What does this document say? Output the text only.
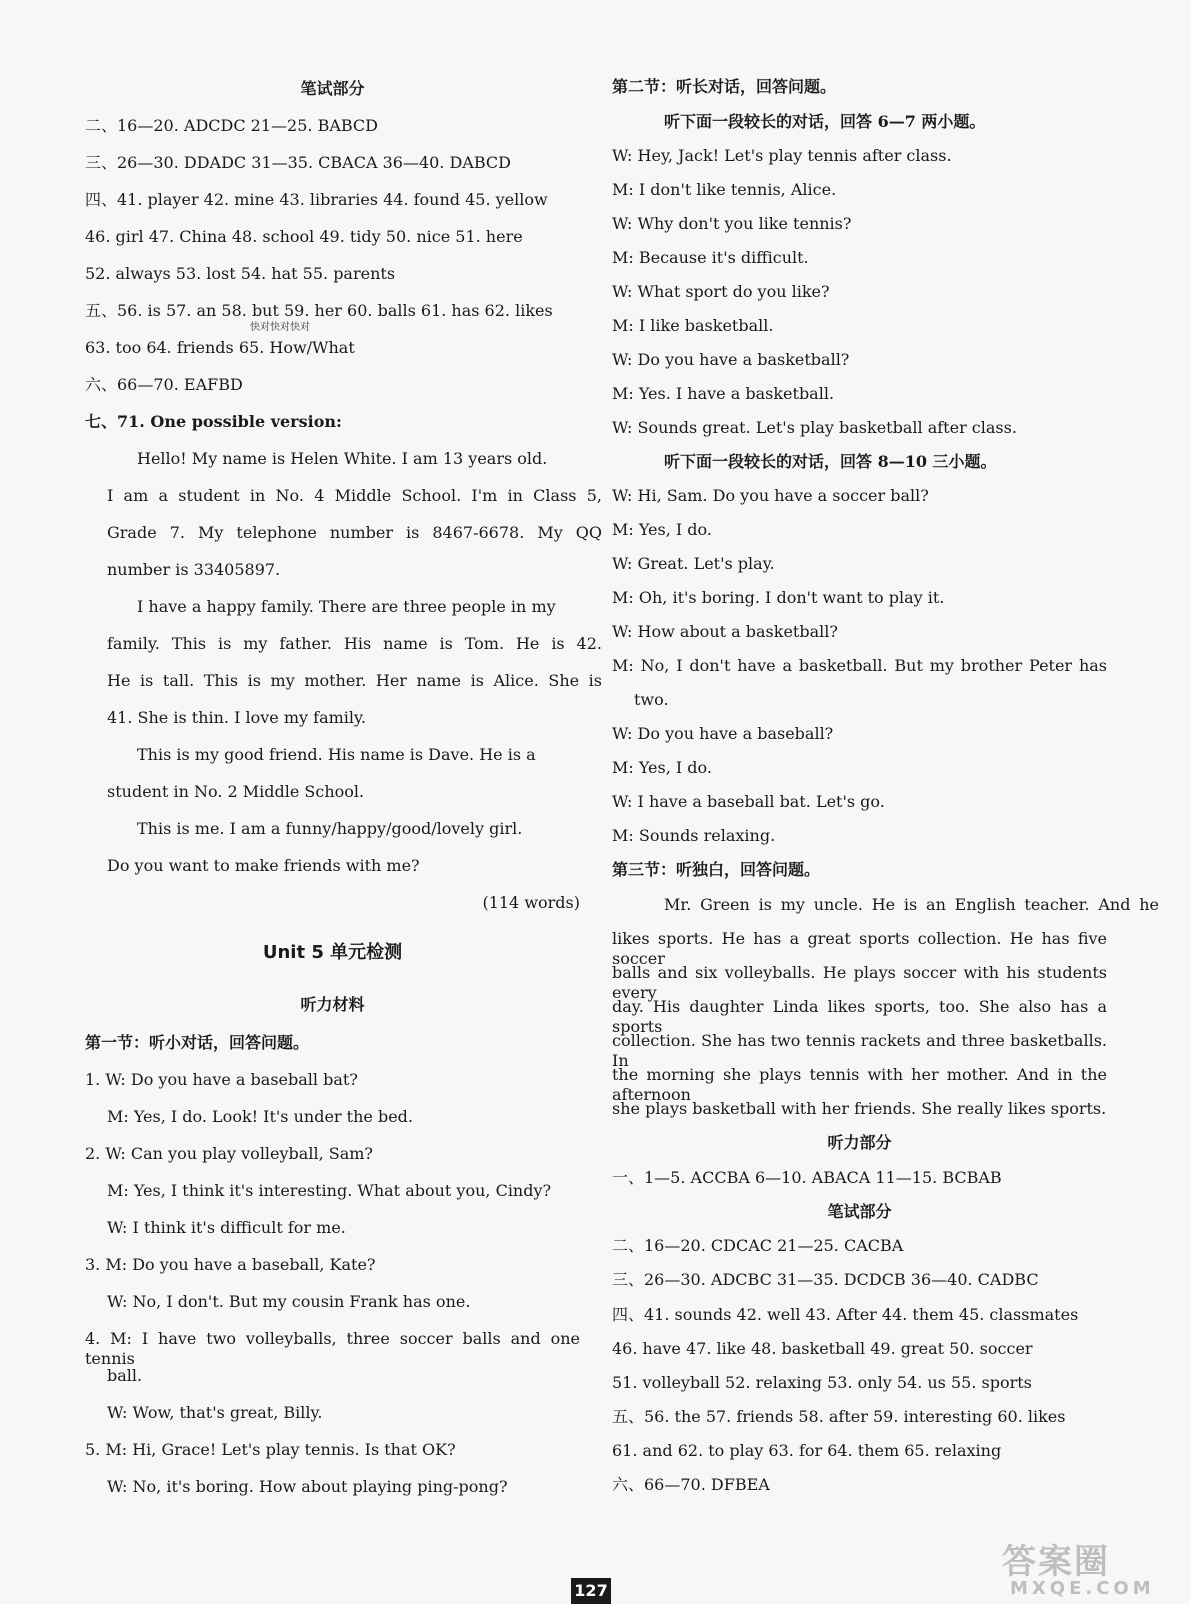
笔试部分
二、16—20. ADCDC 21—25. BABCD
三、26—30. DDADC 31—35. CBACA 36—40. DABCD
四、41. player 42. mine 43. libraries 44. found 45. yellow
46. girl 47. China 48. school 49. tidy 50. nice 51. here
52. always 53. lost 54. hat 55. parents
五、56. is 57. an 58. but 59. her 60. balls 61. has 62. likes
63. too 64. friends 65. How/What
六、66—70. EAFBD
七、71. One possible version:
Hello! My name is Helen White. I am 13 years old.
I am a student in No. 4 Middle School. I'm in Class 5,
Grade 7. My telephone number is 8467-6678. My QQ
number is 33405897.
I have a happy family. There are three people in my
family. This is my father. His name is Tom. He is 42.
He is tall. This is my mother. Her name is Alice. She is
41. She is thin. I love my family.
This is my good friend. His name is Dave. He is a
student in No. 2 Middle School.
This is me. I am a funny/happy/good/lovely girl.
Do you want to make friends with me?
(114 words)
Unit 5 单元检测
听力材料
第一节：听小对话，回答问题。
1. W: Do you have a baseball bat?
M: Yes, I do. Look! It's under the bed.
2. W: Can you play volleyball, Sam?
M: Yes, I think it's interesting. What about you, Cindy?
W: I think it's difficult for me.
3. M: Do you have a baseball, Kate?
W: No, I don't. But my cousin Frank has one.
4. M: I have two volleyballs, three soccer balls and one tennis
ball.
W: Wow, that's great, Billy.
5. M: Hi, Grace! Let's play tennis. Is that OK?
W: No, it's boring. How about playing ping-pong?
第二节：听长对话，回答问题。
听下面一段较长的对话，回答 6—7 两小题。
W: Hey, Jack! Let's play tennis after class.
M: I don't like tennis, Alice.
W: Why don't you like tennis?
M: Because it's difficult.
W: What sport do you like?
M: I like basketball.
W: Do you have a basketball?
M: Yes. I have a basketball.
W: Sounds great. Let's play basketball after class.
听下面一段较长的对话，回答 8—10 三小题。
W: Hi, Sam. Do you have a soccer ball?
M: Yes, I do.
W: Great. Let's play.
M: Oh, it's boring. I don't want to play it.
W: How about a basketball?
M: No, I don't have a basketball. But my brother Peter has
two.
W: Do you have a baseball?
M: Yes, I do.
W: I have a baseball bat. Let's go.
M: Sounds relaxing.
第三节：听独白，回答问题。
Mr. Green is my uncle. He is an English teacher. And he
likes sports. He has a great sports collection. He has five soccer
balls and six volleyballs. He plays soccer with his students every
day. His daughter Linda likes sports, too. She also has a sports
collection. She has two tennis rackets and three basketballs. In
the morning she plays tennis with her mother. And in the afternoon
she plays basketball with her friends. She really likes sports.
听力部分
一、1—5. ACCBA 6—10. ABACA 11—15. BCBAB
笔试部分
二、16—20. CDCAC 21—25. CACBA
三、26—30. ADCBC 31—35. DCDCB 36—40. CADBC
四、41. sounds 42. well 43. After 44. them 45. classmates
46. have 47. like 48. basketball 49. great 50. soccer
51. volleyball 52. relaxing 53. only 54. us 55. sports
五、56. the 57. friends 58. after 59. interesting 60. likes
61. and 62. to play 63. for 64. them 65. relaxing
六、66—70. DFBEA
快对快对快对
127
答案圈
MXQE.COM
